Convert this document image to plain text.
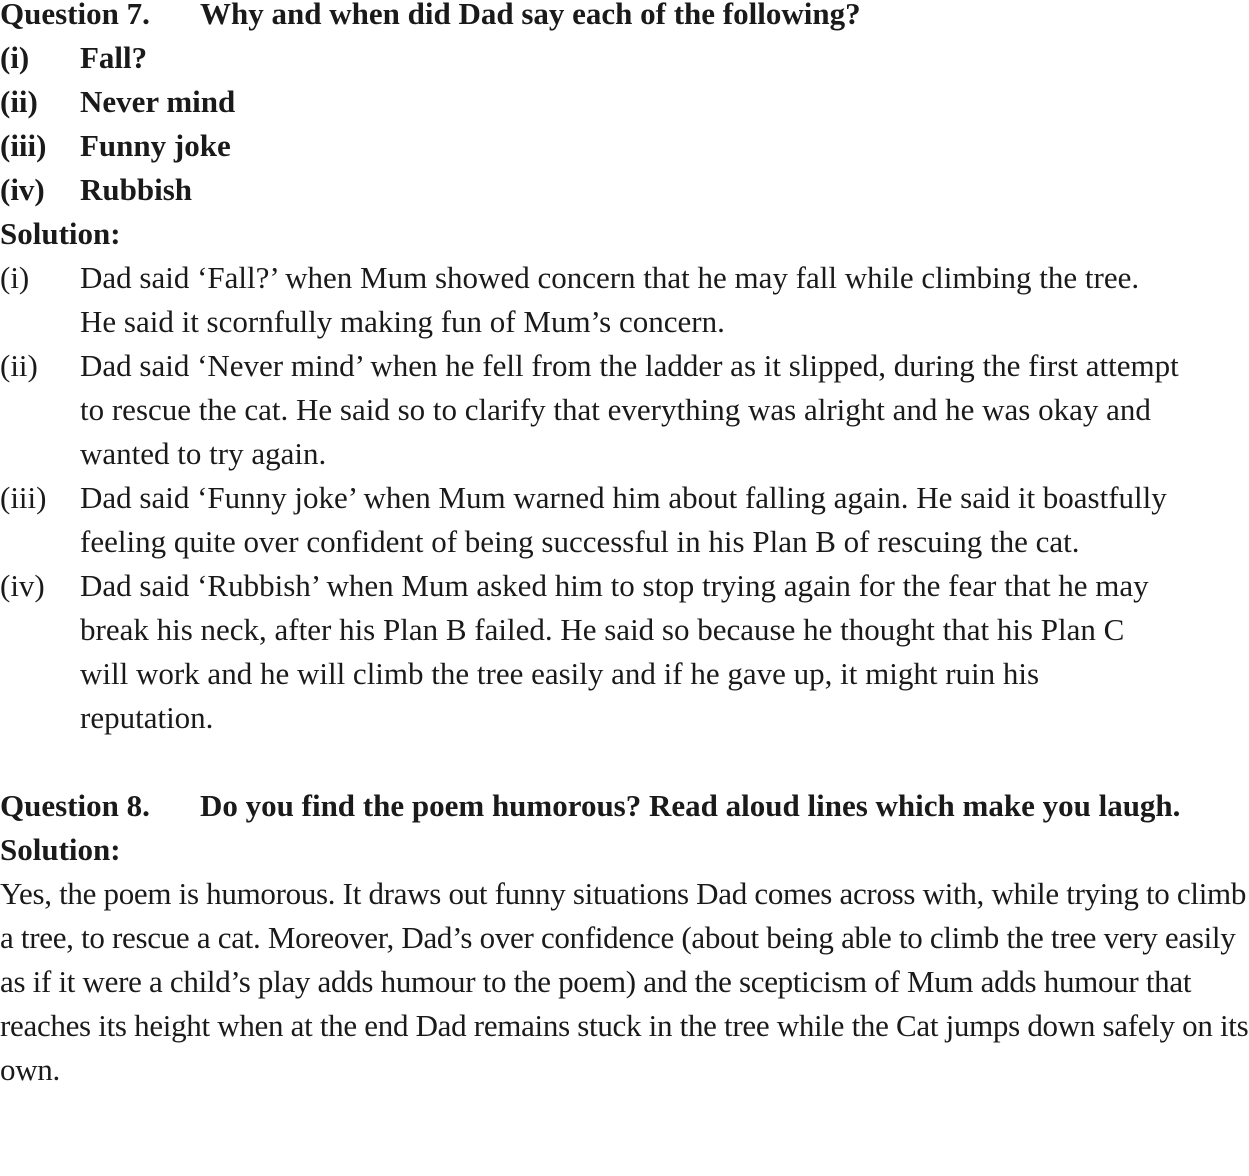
Question 7. Why and when did Dad say each of the following?

(i) Fall?

(ii) Never mind

(iii) Funny joke

(iv) Rubbish

Solution:

(i) Dad said ‘Fall?’ when Mum showed concern that he may fall while climbing the tree. He said it scornfully making fun of Mum’s concern.

(ii) Dad said ‘Never mind’ when he fell from the ladder as it slipped, during the first attempt to rescue the cat. He said so to clarify that everything was alright and he was okay and wanted to try again.

(iii) Dad said ‘Funny joke’ when Mum warned him about falling again. He said it boastfully feeling quite over confident of being successful in his Plan B of rescuing the cat.

(iv) Dad said ‘Rubbish’ when Mum asked him to stop trying again for the fear that he may break his neck, after his Plan B failed. He said so because he thought that his Plan C will work and he will climb the tree easily and if he gave up, it might ruin his reputation.

Question 8. Do you find the poem humorous? Read aloud lines which make you laugh.

Solution:

Yes, the poem is humorous. It draws out funny situations Dad comes across with, while trying to climb a tree, to rescue a cat. Moreover, Dad’s over confidence (about being able to climb the tree very easily as if it were a child’s play adds humour to the poem) and the scepticism of Mum adds humour that reaches its height when at the end Dad remains stuck in the tree while the Cat jumps down safely on its own.
